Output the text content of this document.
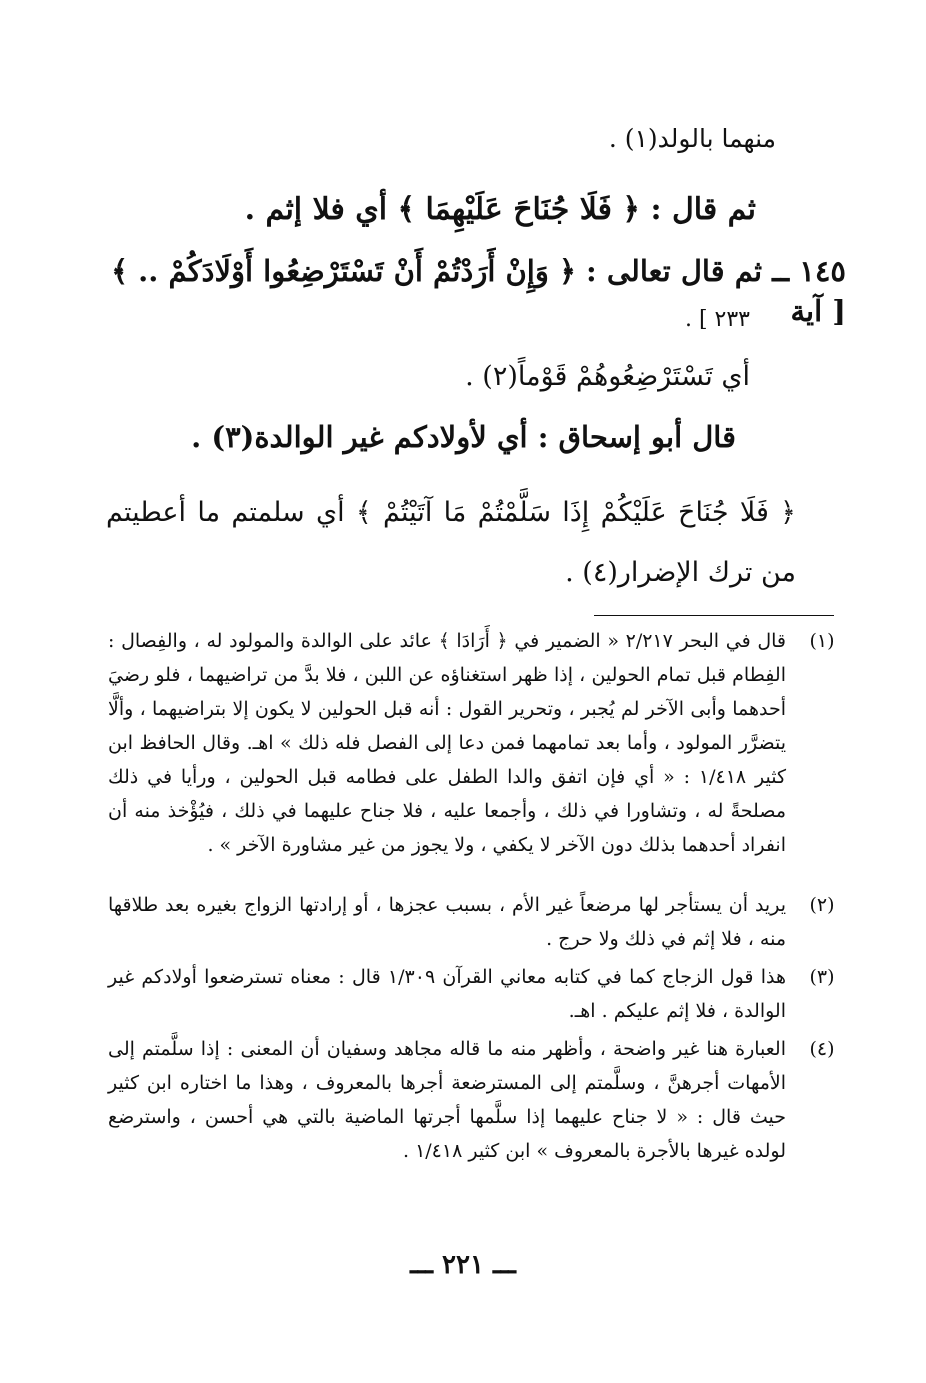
منهما بالولد(١) .

ثم قال : ﴿ فَلَا جُنَاحَ عَلَيْهِمَا ﴾ أي فلا إثم .

١٤٥ ــ ثم قال تعالى : ﴿ وَإِنْ أَرَدْتُمْ أَنْ تَسْتَرْضِعُوا أَوْلَادَكُمْ .. ﴾ [ آية

٢٣٣ ] .

أي تَسْتَرْضِعُوهُمْ قَوْماً(٢) .

قال أبو إسحاق : أي لأولادكم غير الوالدة(٣) .

﴿ فَلَا جُنَاحَ عَلَيْكُمْ إِذَا سَلَّمْتُمْ مَا آتَيْتُمْ ﴾ أي سلمتم ما أعطيتم من ترك الإضرار(٤) .

(١)
قال في البحر ٢/٢١٧ « الضمير في ﴿ أَرَادَا ﴾ عائد على الوالدة والمولود له ، والفِصال : الفِطام قبل تمام الحولين ، إذا ظهر استغناؤه عن اللبن ، فلا بدَّ من تراضيهما ، فلو رضيَ أحدهما وأبى الآخر لم يُجبر ، وتحرير القول : أنه قبل الحولين لا يكون إلا بتراضيهما ، وألَّا يتضرَّر المولود ، وأما بعد تمامهما فمن دعا إلى الفصل فله ذلك » اهـ. وقال الحافظ ابن كثير ١/٤١٨ : « أي فإن اتفق والدا الطفل على فطامه قبل الحولين ، ورأيا في ذلك مصلحةً له ، وتشاورا في ذلك ، وأجمعا عليه ، فلا جناح عليهما في ذلك ، فيُؤْخذ منه أن انفراد أحدهما بذلك دون الآخر لا يكفي ، ولا يجوز من غير مشاورة الآخر » .
(٢)
يريد أن يستأجر لها مرضعاً غير الأم ، بسبب عجزها ، أو إرادتها الزواج بغيره بعد طلاقها منه ، فلا إثم في ذلك ولا حرج .
(٣)
هذا قول الزجاج كما في كتابه معاني القرآن ١/٣٠٩ قال : معناه تسترضعوا أولادكم غير الوالدة ، فلا إثم عليكم . اهـ.
(٤)
العبارة هنا غير واضحة ، وأظهر منه ما قاله مجاهد وسفيان أن المعنى : إذا سلَّمتم إلى الأمهات أجرهنَّ ، وسلَّمتم إلى المسترضعة أجرها بالمعروف ، وهذا ما اختاره ابن كثير حيث قال : « لا جناح عليهما إذا سلَّمها أجرتها الماضية بالتي هي أحسن ، واسترضع لولده غيرها بالأجرة بالمعروف » ابن كثير ١/٤١٨ .
ـــ ٢٢١ ـــ
